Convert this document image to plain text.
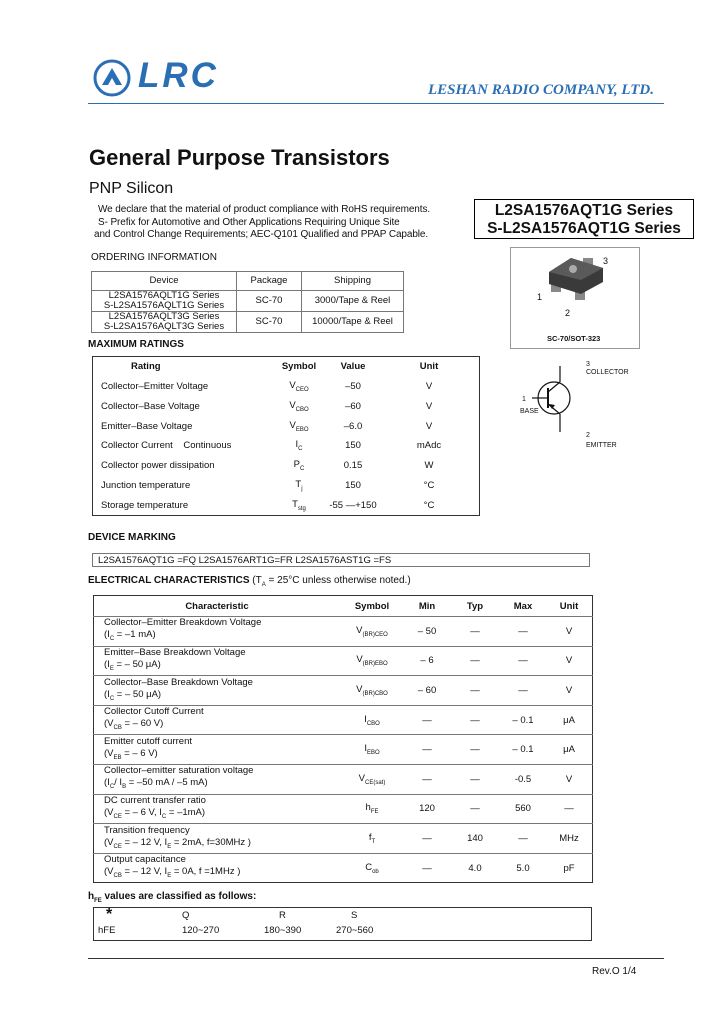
LRC	LESHAN RADIO COMPANY, LTD.
General Purpose Transistors
PNP Silicon
We declare that the material of product compliance with RoHS requirements.
S- Prefix for Automotive and Other Applications Requiring Unique Site
and Control Change Requirements; AEC-Q101 Qualified and PPAP Capable.
L2SA1576AQT1G Series
S-L2SA1576AQT1G Series
ORDERING INFORMATION
Device	Package	Shipping

L2SA1576AQLT1G Series
S-L2SA1576AQLT1G Series	SC-70	3000/Tape & Reel

L2SA1576AQLT3G Series
S-L2SA1576AQLT3G Series	SC-70	10000/Tape & Reel
3
1
2
SC-70/SOT-323
3
COLLECTOR
1
BASE
2
EMITTER
MAXIMUM RATINGS
Rating	Symbol	Value	Unit
Collector–Emitter Voltage	$V_{CEO}$	–50	V
Collector–Base Voltage	$V_{CBO}$	–60	V
Emitter–Base Voltage	$V_{EBO}$	–6.0	V
Collector Current    Continuous	$I_C$	150	mAdc
Collector power dissipation	$P_C$	0.15	W
Junction temperature	$T_j$	150	°C
Storage temperature	$T_{stg}$	-55 —+150	°C
DEVICE MARKING
L2SA1576AQT1G =FQ L2SA1576ART1G=FR L2SA1576AST1G =FS
ELECTRICAL CHARACTERISTICS ($T_A = 25^\circ C$ unless otherwise noted.)
Characteristic	Symbol	Min	Typ	Max	Unit

Collector–Emitter Breakdown Voltage
($I_C = -1$ mA)	$V_{(BR)CEO}$	– 50	—	—	V

Emitter–Base Breakdown Voltage
($I_E$ = – 50 μA)	$V_{(BR)EBO}$	– 6	—	—	V

Collector–Base Breakdown Voltage
($I_C$ = – 50 μA)	$V_{(BR)CBO}$	– 60	—	—	V

Collector Cutoff Current
($V_{CB}$ = – 60 V)	$I_{CBO}$	—	—	– 0.1	μA

Emitter cutoff current
($V_{EB}$ = – 6 V)	$I_{EBO}$	—	—	– 0.1	μA

Collector–emitter saturation voltage
($I_C/$ $I_B = -50$ mA / –5 mA)	$V_{CE(sat)}$	—	—	-0.5	V

DC current transfer ratio
($V_{CE}$ = – 6 V, $I_C = -1mA$)	$h_{FE}$	120	—	560	—

Transition frequency
($V_{CE}$ = – 12 V, $I_E = 2mA$, f=30MHz )	$f_T$	—	140	—	MHz

Output capacitance
($V_{CB}$ = – 12 V, $I_E = 0A$, f =1MHz )	$C_{ob}$	—	4.0	5.0	pF
$h_{FE}$ values are classified as follows:
*	Q	R	S
hFE	120~270	180~390	270~560
Rev.O 1/4
